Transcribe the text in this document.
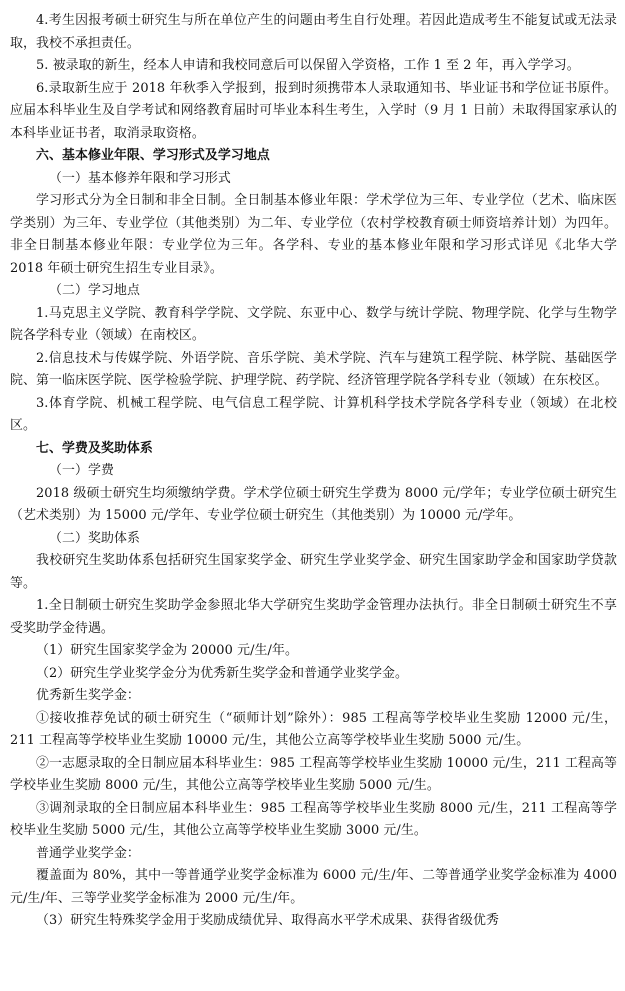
4.考生因报考硕士研究生与所在单位产生的问题由考生自行处理。若因此造成考生不能复试或无法录取，我校不承担责任。

5. 被录取的新生，经本人申请和我校同意后可以保留入学资格，工作 1 至 2 年，再入学学习。

6.录取新生应于 2018 年秋季入学报到，报到时须携带本人录取通知书、毕业证书和学位证书原件。应届本科毕业生及自学考试和网络教育届时可毕业本科生考生，入学时（9 月 1 日前）未取得国家承认的本科毕业证书者，取消录取资格。

六、基本修业年限、学习形式及学习地点

（一）基本修养年限和学习形式

学习形式分为全日制和非全日制。全日制基本修业年限：学术学位为三年、专业学位（艺术、临床医学类别）为三年、专业学位（其他类别）为二年、专业学位（农村学校教育硕士师资培养计划）为四年。非全日制基本修业年限：专业学位为三年。各学科、专业的基本修业年限和学习形式详见《北华大学 2018 年硕士研究生招生专业目录》。

（二）学习地点

1.马克思主义学院、教育科学学院、文学院、东亚中心、数学与统计学院、物理学院、化学与生物学院各学科专业（领域）在南校区。

2.信息技术与传媒学院、外语学院、音乐学院、美术学院、汽车与建筑工程学院、林学院、基础医学院、第一临床医学院、医学检验学院、护理学院、药学院、经济管理学院各学科专业（领域）在东校区。

3.体育学院、机械工程学院、电气信息工程学院、计算机科学技术学院各学科专业（领域）在北校区。

七、学费及奖助体系

（一）学费

2018 级硕士研究生均须缴纳学费。学术学位硕士研究生学费为 8000 元/学年；专业学位硕士研究生（艺术类别）为 15000 元/学年、专业学位硕士研究生（其他类别）为 10000 元/学年。

（二）奖助体系

我校研究生奖助体系包括研究生国家奖学金、研究生学业奖学金、研究生国家助学金和国家助学贷款等。

1.全日制硕士研究生奖助学金参照北华大学研究生奖助学金管理办法执行。非全日制硕士研究生不享受奖助学金待遇。

（1）研究生国家奖学金为 20000 元/生/年。

（2）研究生学业奖学金分为优秀新生奖学金和普通学业奖学金。

优秀新生奖学金：

①接收推荐免试的硕士研究生（“硕师计划”除外）：985 工程高等学校毕业生奖励 12000 元/生，211 工程高等学校毕业生奖励 10000 元/生，其他公立高等学校毕业生奖励 5000 元/生。

②一志愿录取的全日制应届本科毕业生：985 工程高等学校毕业生奖励 10000 元/生，211 工程高等学校毕业生奖励 8000 元/生，其他公立高等学校毕业生奖励 5000 元/生。

③调剂录取的全日制应届本科毕业生：985 工程高等学校毕业生奖励 8000 元/生，211 工程高等学校毕业生奖励 5000 元/生，其他公立高等学校毕业生奖励 3000 元/生。

普通学业奖学金：

覆盖面为 80%，其中一等普通学业奖学金标准为 6000 元/生/年、二等普通学业奖学金标准为 4000 元/生/年、三等学业奖学金标准为 2000 元/生/年。

（3）研究生特殊奖学金用于奖励成绩优异、取得高水平学术成果、获得省级优秀
